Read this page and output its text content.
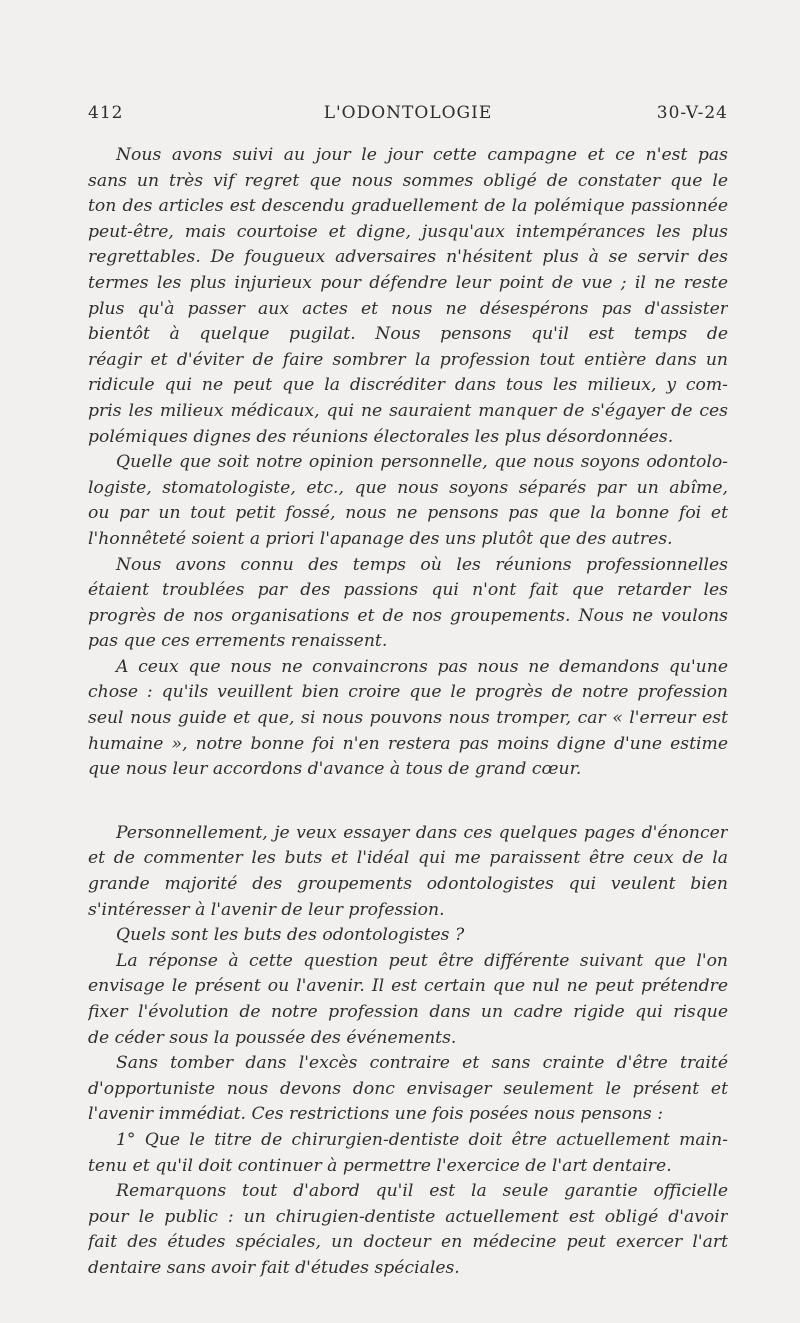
412	L'ODONTOLOGIE	30-V-24
Nous avons suivi au jour le jour cette campagne et ce n'est pas
sans un très vif regret que nous sommes obligé de constater que le
ton des articles est descendu graduellement de la polémique passionnée
peut-être, mais courtoise et digne, jusqu'aux intempérances les plus
regrettables. De fougueux adversaires n'hésitent plus à se servir des
termes les plus injurieux pour défendre leur point de vue ; il ne reste
plus qu'à passer aux actes et nous ne désespérons pas d'assister
bientôt à quelque pugilat. Nous pensons qu'il est temps de
réagir et d'éviter de faire sombrer la profession tout entière dans un
ridicule qui ne peut que la discréditer dans tous les milieux, y com-
pris les milieux médicaux, qui ne sauraient manquer de s'égayer de ces
polémiques dignes des réunions électorales les plus désordonnées.
Quelle que soit notre opinion personnelle, que nous soyons odontolo-
logiste, stomatologiste, etc., que nous soyons séparés par un abîme,
ou par un tout petit fossé, nous ne pensons pas que la bonne foi et
l'honnêteté soient a priori l'apanage des uns plutôt que des autres.
Nous avons connu des temps où les réunions professionnelles
étaient troublées par des passions qui n'ont fait que retarder les
progrès de nos organisations et de nos groupements. Nous ne voulons
pas que ces errements renaissent.
A ceux que nous ne convaincrons pas nous ne demandons qu'une
chose : qu'ils veuillent bien croire que le progrès de notre profession
seul nous guide et que, si nous pouvons nous tromper, car « l'erreur est
humaine », notre bonne foi n'en restera pas moins digne d'une estime
que nous leur accordons d'avance à tous de grand cœur.
Personnellement, je veux essayer dans ces quelques pages d'énoncer
et de commenter les buts et l'idéal qui me paraissent être ceux de la
grande majorité des groupements odontologistes qui veulent bien
s'intéresser à l'avenir de leur profession.
Quels sont les buts des odontologistes ?
La réponse à cette question peut être différente suivant que l'on
envisage le présent ou l'avenir. Il est certain que nul ne peut prétendre
fixer l'évolution de notre profession dans un cadre rigide qui risque
de céder sous la poussée des événements.
Sans tomber dans l'excès contraire et sans crainte d'être traité
d'opportuniste nous devons donc envisager seulement le présent et
l'avenir immédiat. Ces restrictions une fois posées nous pensons :
1° Que le titre de chirurgien-dentiste doit être actuellement main-
tenu et qu'il doit continuer à permettre l'exercice de l'art dentaire.
Remarquons tout d'abord qu'il est la seule garantie officielle
pour le public : un chirugien-dentiste actuellement est obligé d'avoir
fait des études spéciales, un docteur en médecine peut exercer l'art
dentaire sans avoir fait d'études spéciales.
